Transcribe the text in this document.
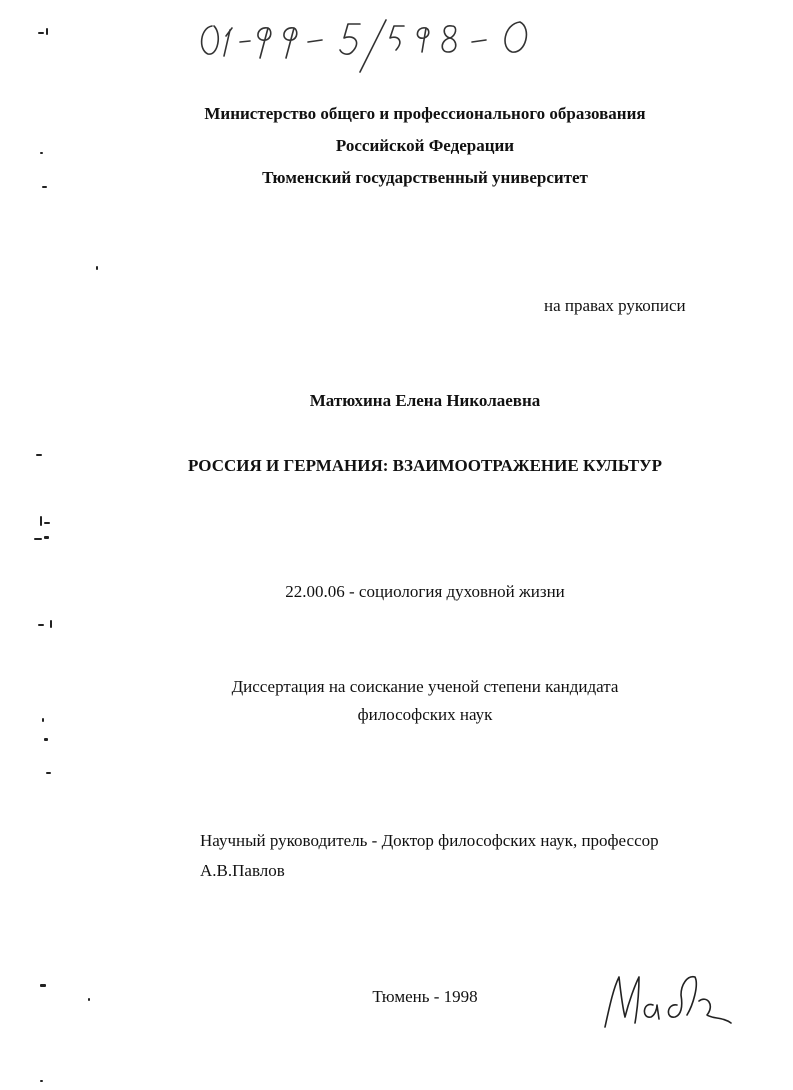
Министерство общего и профессионального образования
Российской Федерации
Тюменский государственный университет
на правах рукописи
Матюхина Елена Николаевна
РОССИЯ И ГЕРМАНИЯ: ВЗАИМООТРАЖЕНИЕ КУЛЬТУР
22.00.06 - социология духовной жизни
Диссертация на соискание ученой степени кандидата
философских наук
Научный руководитель - Доктор философских наук, профессор
А.В.Павлов
Тюмень - 1998
